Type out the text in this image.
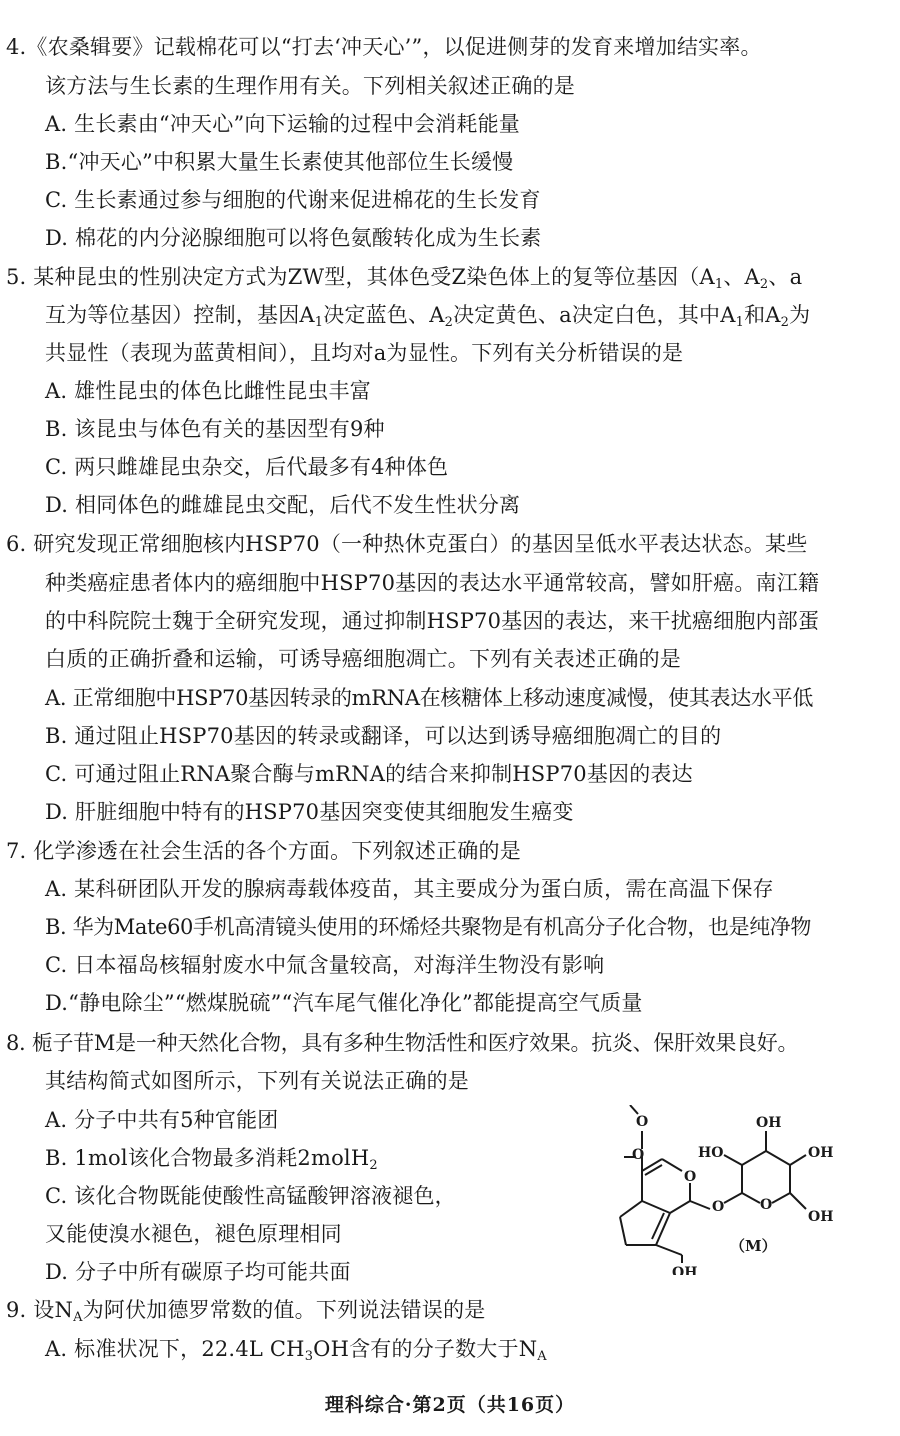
4.《农桑辑要》记载棉花可以“打去‘冲天心’”，以促进侧芽的发育来增加结实率。
该方法与生长素的生理作用有关。下列相关叙述正确的是
A. 生长素由“冲天心”向下运输的过程中会消耗能量
B.“冲天心”中积累大量生长素使其他部位生长缓慢
C. 生长素通过参与细胞的代谢来促进棉花的生长发育
D. 棉花的内分泌腺细胞可以将色氨酸转化成为生长素
5. 某种昆虫的性别决定方式为ZW型，其体色受Z染色体上的复等位基因（$A_1$、$A_2$、a
互为等位基因）控制，基因$A_1$决定蓝色、$A_2$决定黄色、a决定白色，其中$A_1$和$A_2$为
共显性（表现为蓝黄相间），且均对a为显性。下列有关分析错误的是
A. 雄性昆虫的体色比雌性昆虫丰富
B. 该昆虫与体色有关的基因型有9种
C. 两只雌雄昆虫杂交，后代最多有4种体色
D. 相同体色的雌雄昆虫交配，后代不发生性状分离
6. 研究发现正常细胞核内HSP70（一种热休克蛋白）的基因呈低水平表达状态。某些
种类癌症患者体内的癌细胞中HSP70基因的表达水平通常较高，譬如肝癌。南江籍
的中科院院士魏于全研究发现，通过抑制HSP70基因的表达，来干扰癌细胞内部蛋
白质的正确折叠和运输，可诱导癌细胞凋亡。下列有关表述正确的是
A. 正常细胞中HSP70基因转录的mRNA在核糖体上移动速度减慢，使其表达水平低
B. 通过阻止HSP70基因的转录或翻译，可以达到诱导癌细胞凋亡的目的
C. 可通过阻止RNA聚合酶与mRNA的结合来抑制HSP70基因的表达
D. 肝脏细胞中特有的HSP70基因突变使其细胞发生癌变
7. 化学渗透在社会生活的各个方面。下列叙述正确的是
A. 某科研团队开发的腺病毒载体疫苗，其主要成分为蛋白质，需在高温下保存
B. 华为Mate60手机高清镜头使用的环烯烃共聚物是有机高分子化合物，也是纯净物
C. 日本福岛核辐射废水中氚含量较高，对海洋生物没有影响
D.“静电除尘”“燃煤脱硫”“汽车尾气催化净化”都能提高空气质量
8. 栀子苷M是一种天然化合物，具有多种生物活性和医疗效果。抗炎、保肝效果良好。
其结构简式如图所示，下列有关说法正确的是
A. 分子中共有5种官能团
B. 1mol该化合物最多消耗2molH$_2$
C. 该化合物既能使酸性高锰酸钾溶液褪色，
又能使溴水褪色，褪色原理相同
D. 分子中所有碳原子均可能共面
O
O
O
O	O
HO
OH
OH
OH
OH
（M）
9. 设$N_A$为阿伏加德罗常数的值。下列说法错误的是
A. 标准状况下，22.4L $CH_3OH$含有的分子数大于$N_A$
理科综合·第2页（共16页）
